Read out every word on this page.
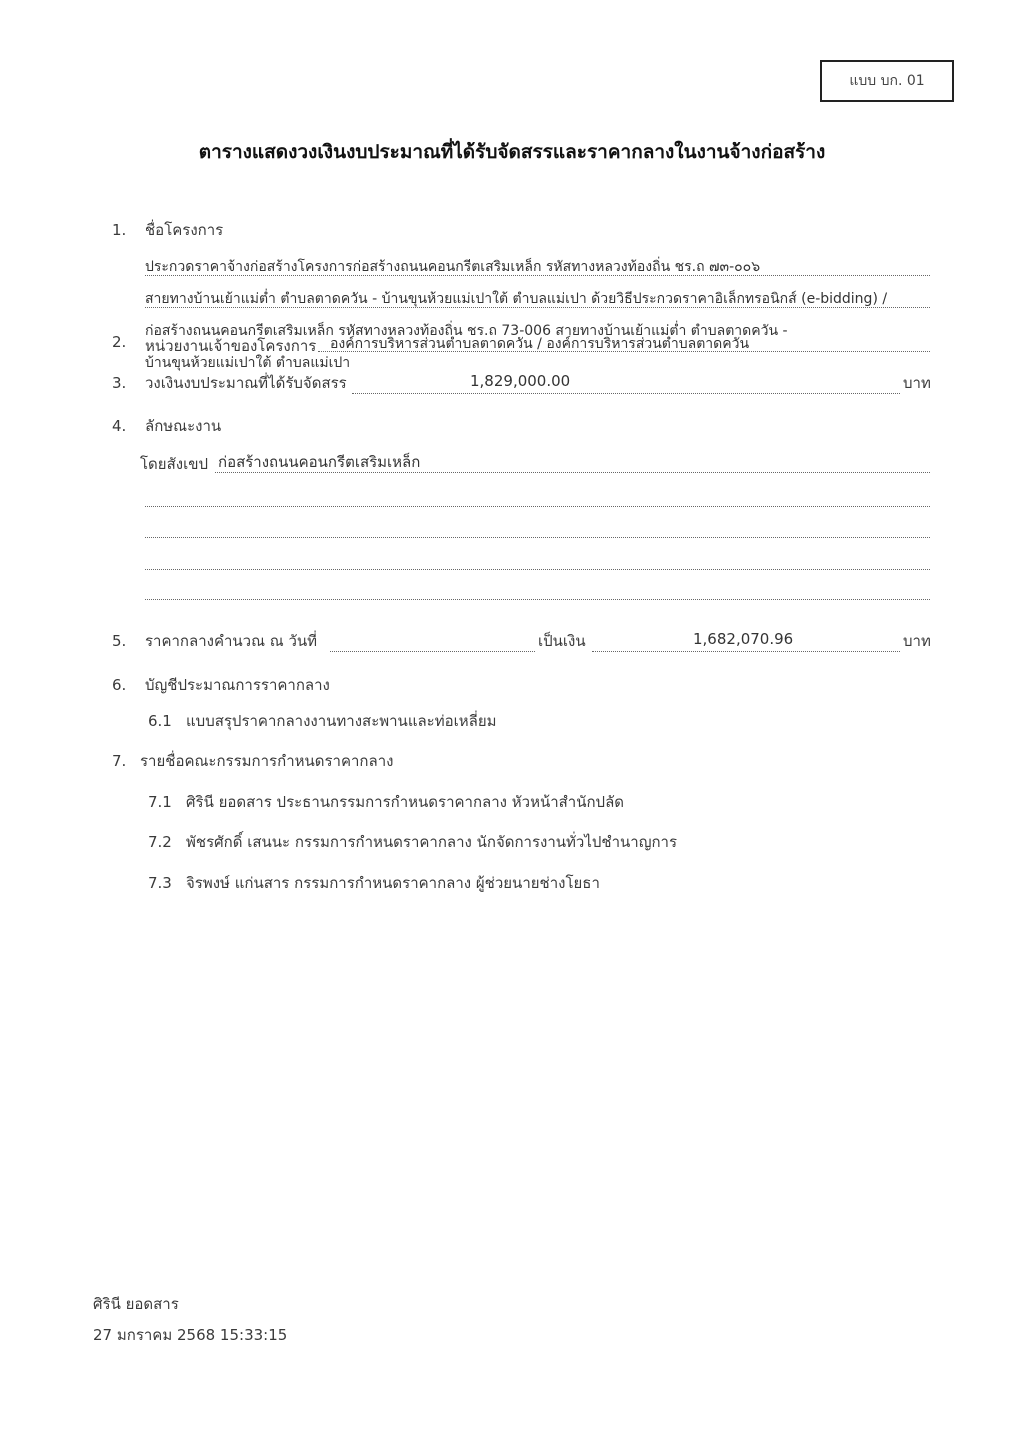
แบบ บก. 01
ตารางแสดงวงเงินงบประมาณที่ได้รับจัดสรรและราคากลางในงานจ้างก่อสร้าง
1. ชื่อโครงการ
ประกวดราคาจ้างก่อสร้างโครงการก่อสร้างถนนคอนกรีตเสริมเหล็ก รหัสทางหลวงท้องถิ่น ชร.ถ ๗๓-๐๐๖
สายทางบ้านเย้าแม่ต่ำ ตำบลตาดควัน - บ้านขุนห้วยแม่เปาใต้ ตำบลแม่เปา ด้วยวิธีประกวดราคาอิเล็กทรอนิกส์ (e-bidding) /
ก่อสร้างถนนคอนกรีตเสริมเหล็ก รหัสทางหลวงท้องถิ่น ชร.ถ 73-006 สายทางบ้านเย้าแม่ต่ำ ตำบลตาดควัน -
2. หน่วยงานเจ้าของโครงการ องค์การบริหารส่วนตำบลตาดควัน / องค์การบริหารส่วนตำบลตาดควัน
บ้านขุนห้วยแม่เปาใต้ ตำบลแม่เปา
3. วงเงินงบประมาณที่ได้รับจัดสรร	1,829,000.00	บาท
4. ลักษณะงาน
โดยสังเขป ก่อสร้างถนนคอนกรีตเสริมเหล็ก
5. ราคากลางคำนวณ ณ วันที่	เป็นเงิน	1,682,070.96	บาท
6. บัญชีประมาณการราคากลาง
6.1 แบบสรุปราคากลางงานทางสะพานและท่อเหลี่ยม
7. รายชื่อคณะกรรมการกำหนดราคากลาง
7.1 ศิรินี ยอดสาร ประธานกรรมการกำหนดราคากลาง หัวหน้าสำนักปลัด
7.2 พัชรศักดิ์ เสนนะ กรรมการกำหนดราคากลาง นักจัดการงานทั่วไปชำนาญการ
7.3 จิรพงษ์ แก่นสาร กรรมการกำหนดราคากลาง ผู้ช่วยนายช่างโยธา
ศิรินี ยอดสาร
27 มกราคม 2568 15:33:15
